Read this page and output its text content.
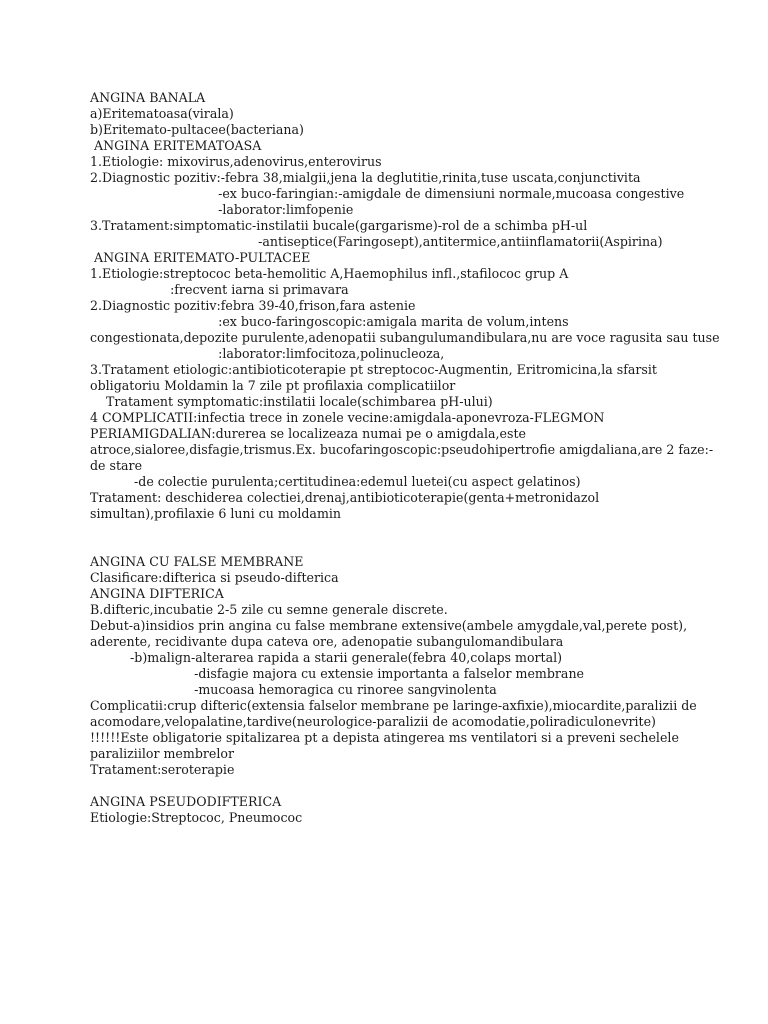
ANGINA BANALA
a)Eritematoasa(virala)
b)Eritemato-pultacee(bacteriana)
ANGINA ERITEMATOASA
1.Etiologie: mixovirus,adenovirus,enterovirus
2.Diagnostic pozitiv:-febra 38,mialgii,jena la deglutitie,rinita,tuse uscata,conjunctivita
-ex buco-faringian:-amigdale de dimensiuni normale,mucoasa congestive
-laborator:limfopenie
3.Tratament:simptomatic-instilatii bucale(gargarisme)-rol de a schimba pH-ul
-antiseptice(Faringosept),antitermice,antiinflamatorii(Aspirina)
ANGINA ERITEMATO-PULTACEE
1.Etiologie:streptococ beta-hemolitic A,Haemophilus infl.,stafilococ grup A
:frecvent iarna si primavara
2.Diagnostic pozitiv:febra 39-40,frison,fara astenie
:ex buco-faringoscopic:amigala marita de volum,intens
congestionata,depozite purulente,adenopatii subangulumandibulara,nu are voce ragusita sau tuse
:laborator:limfocitoza,polinucleoza,
3.Tratament etiologic:antibioticoterapie pt streptococ-Augmentin, Eritromicina,la sfarsit
obligatoriu Moldamin la 7 zile pt profilaxia complicatiilor
Tratament symptomatic:instilatii locale(schimbarea pH-ului)
4 COMPLICATII:infectia trece in zonele vecine:amigdala-aponevroza-FLEGMON
PERIAMIGDALIAN:durerea se localizeaza numai pe o amigdala,este
atroce,sialoree,disfagie,trismus.Ex. bucofaringoscopic:pseudohipertrofie amigdaliana,are 2 faze:-
de stare
-de colectie purulenta;certitudinea:edemul luetei(cu aspect gelatinos)
Tratament: deschiderea colectiei,drenaj,antibioticoterapie(genta+metronidazol
simultan),profilaxie 6 luni cu moldamin
ANGINA CU FALSE MEMBRANE
Clasificare:difterica si pseudo-difterica
ANGINA DIFTERICA
B.difteric,incubatie 2-5 zile cu semne generale discrete.
Debut-a)insidios prin angina cu false membrane extensive(ambele amygdale,val,perete post),
aderente, recidivante dupa cateva ore, adenopatie subangulomandibulara
-b)malign-alterarea rapida a starii generale(febra 40,colaps mortal)
-disfagie majora cu extensie importanta a falselor membrane
-mucoasa hemoragica cu rinoree sangvinolenta
Complicatii:crup difteric(extensia falselor membrane pe laringe-axfixie),miocardite,paralizii de
acomodare,velopalatine,tardive(neurologice-paralizii de acomodatie,poliradiculonevrite)
!!!!!!Este obligatorie spitalizarea pt a depista atingerea ms ventilatori si a preveni sechelele
paraliziilor membrelor
Tratament:seroterapie
ANGINA PSEUDODIFTERICA
Etiologie:Streptococ, Pneumococ
